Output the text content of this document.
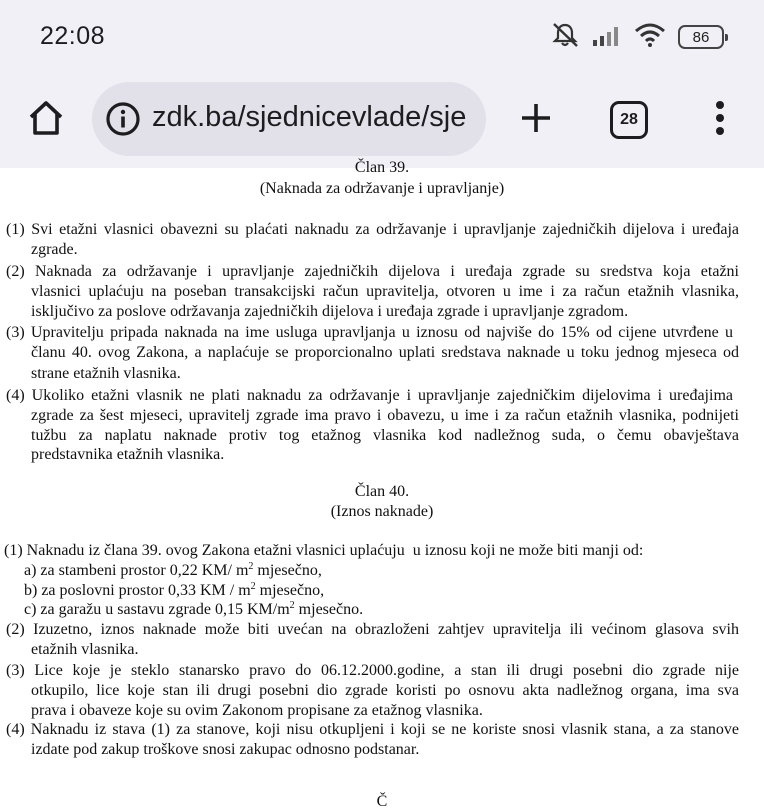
22:08	86
zdk.ba/sjednicevlade/sje	28
Član 39.
(Naknada za održavanje i upravljanje)
(1) Svi etažni vlasnici obavezni su plaćati naknadu za održavanje i upravljanje zajedničkih dijelova i uređaja
zgrade.
(2) Naknada za održavanje i upravljanje zajedničkih dijelova i uređaja zgrade su sredstva koja etažni
vlasnici uplaćuju na poseban transakcijski račun upravitelja, otvoren u ime i za račun etažnih vlasnika,
isključivo za poslove održavanja zajedničkih dijelova i uređaja zgrade i upravljanje zgradom.
(3) Upravitelju pripada naknada na ime usluga upravljanja u iznosu od najviše do 15% od cijene utvrđene u
članu 40. ovog Zakona, a naplaćuje se proporcionalno uplati sredstava naknade u toku jednog mjeseca od
strane etažnih vlasnika.
(4) Ukoliko etažni vlasnik ne plati naknadu za održavanje i upravljanje zajedničkim dijelovima i uređajima
zgrade za šest mjeseci, upravitelj zgrade ima pravo i obavezu, u ime i za račun etažnih vlasnika, podnijeti
tužbu za naplatu naknade protiv tog etažnog vlasnika kod nadležnog suda, o čemu obavještava
predstavnika etažnih vlasnika.
Član 40.
(Iznos naknade)
(1) Naknadu iz člana 39. ovog Zakona etažni vlasnici uplaćuju  u iznosu koji ne može biti manji od:
a) za stambeni prostor 0,22 KM/ $m^2$ mjesečno,
b) za poslovni prostor 0,33 KM / $m^2$ mjesečno,
c) za garažu u sastavu zgrade 0,15 $KM/m^2$ mjesečno.
(2) Izuzetno, iznos naknade može biti uvećan na obrazloženi zahtjev upravitelja ili većinom glasova svih
etažnih vlasnika.
(3) Lice koje je steklo stanarsko pravo do 06.12.2000.godine, a stan ili drugi posebni dio zgrade nije
otkupilo, lice koje stan ili drugi posebni dio zgrade koristi po osnovu akta nadležnog organa, ima sva
prava i obaveze koje su ovim Zakonom propisane za etažnog vlasnika.
(4) Naknadu iz stava (1) za stanove, koji nisu otkupljeni i koji se ne koriste snosi vlasnik stana, a za stanove
izdate pod zakup troškove snosi zakupac odnosno podstanar.
Č
